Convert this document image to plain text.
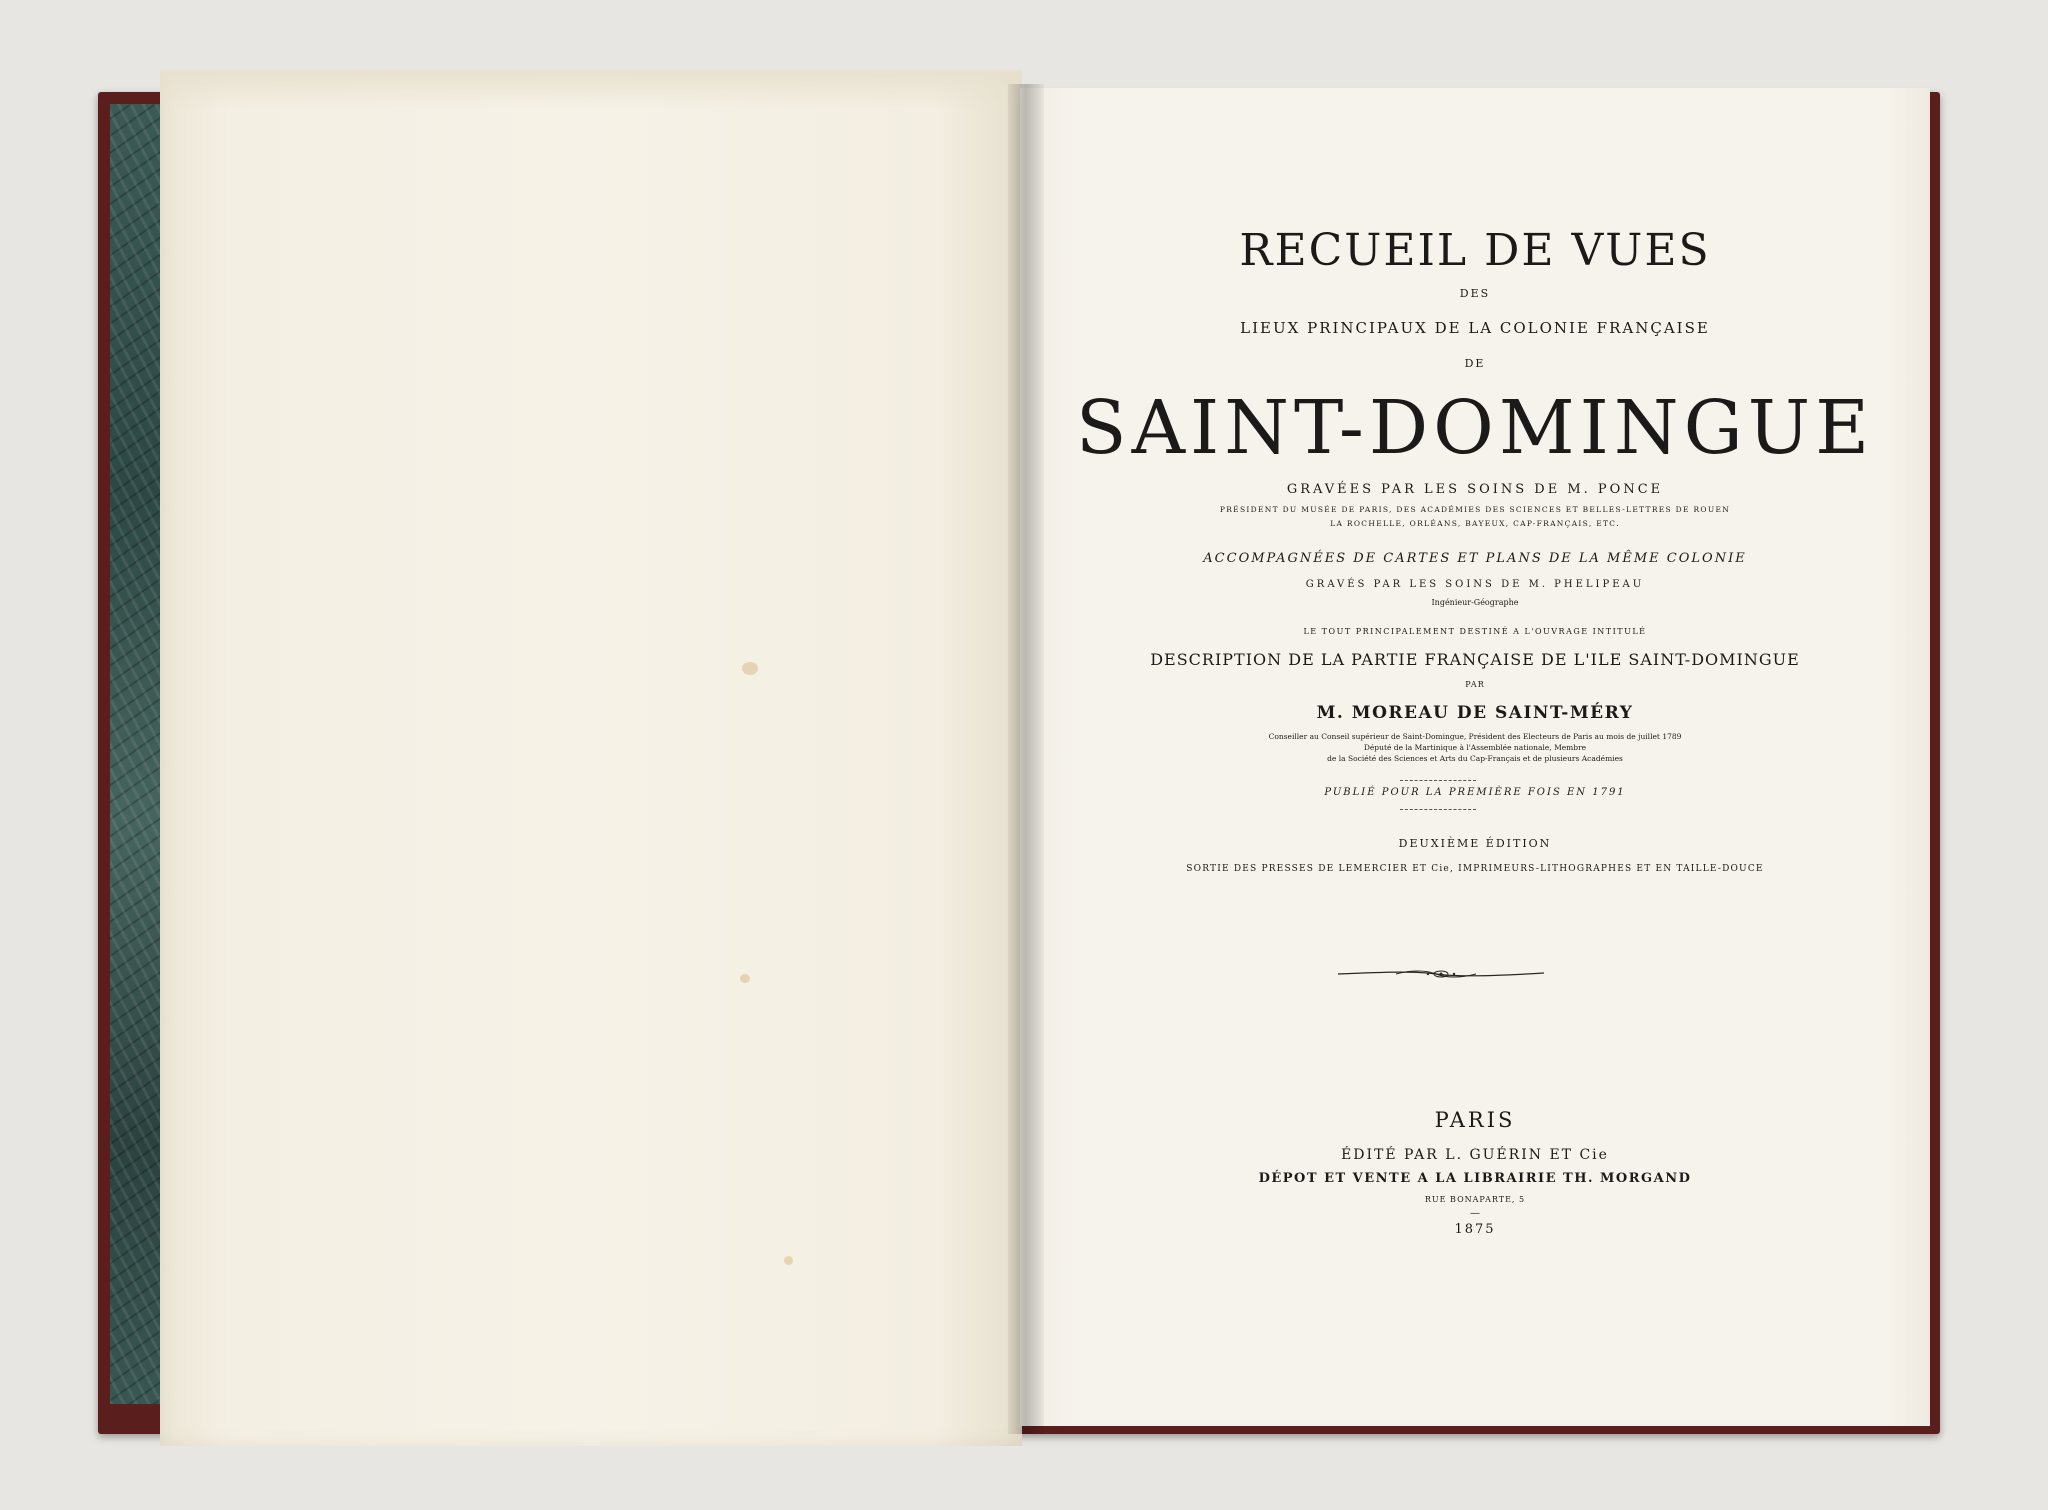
RECUEIL DE VUES
DES
LIEUX PRINCIPAUX DE LA COLONIE FRANÇAISE
DE
SAINT-DOMINGUE
GRAVÉES PAR LES SOINS DE M. PONCE
PRÉSIDENT DU MUSÉE DE PARIS, DES ACADÉMIES DES SCIENCES ET BELLES-LETTRES DE ROUEN
LA ROCHELLE, ORLÉANS, BAYEUX, CAP-FRANÇAIS, ETC.
ACCOMPAGNÉES DE CARTES ET PLANS DE LA MÊME COLONIE
GRAVÉS PAR LES SOINS DE M. PHELIPEAU
Ingénieur-Géographe
LE TOUT PRINCIPALEMENT DESTINÉ A L'OUVRAGE INTITULÉ
DESCRIPTION DE LA PARTIE FRANÇAISE DE L'ILE SAINT-DOMINGUE
PAR
M. MOREAU DE SAINT-MÉRY
Conseiller au Conseil supérieur de Saint-Domingue, Président des Electeurs de Paris au mois de juillet 1789
Député de la Martinique à l'Assemblée nationale, Membre
de la Société des Sciences et Arts du Cap-Français et de plusieurs Académies
PUBLIÉ POUR LA PREMIÈRE FOIS EN 1791
DEUXIÈME ÉDITION
SORTIE DES PRESSES DE LEMERCIER ET Cie, IMPRIMEURS-LITHOGRAPHES ET EN TAILLE-DOUCE
PARIS
ÉDITÉ PAR L. GUÉRIN ET Cie
DÉPOT ET VENTE A LA LIBRAIRIE TH. MORGAND
RUE BONAPARTE, 5
—
1875
